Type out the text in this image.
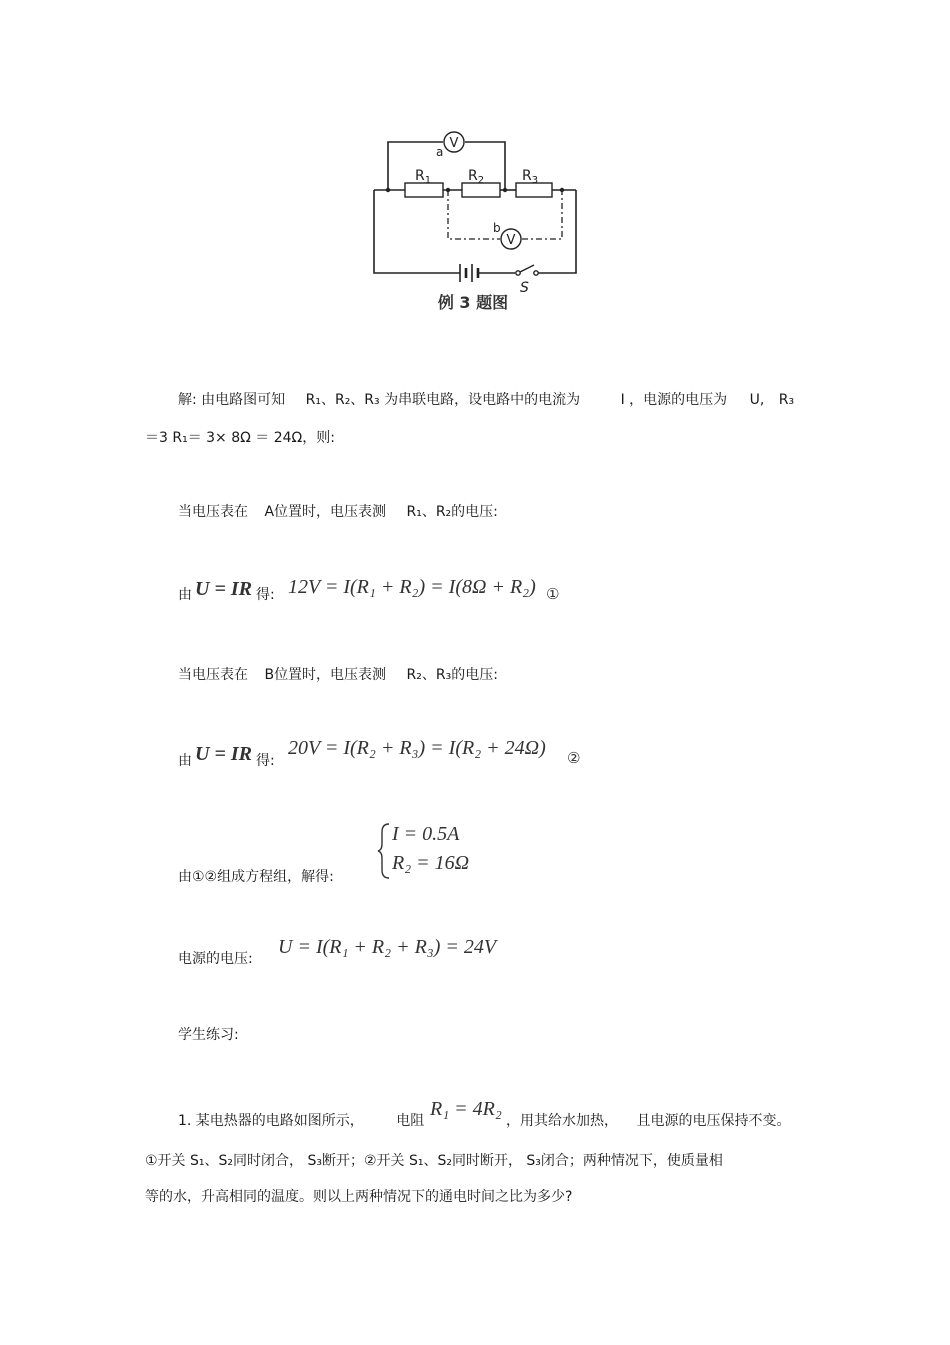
V
V
a
b
$R_1$	$R_2$	$R_3$
S
例 3 题图
解: 由电路图可知 R₁、R₂、R₃ 为串联电路，设电路中的电流为	I ，电源的电压为 U, R₃
＝3 R₁＝ 3× 8Ω ＝ 24Ω，则:
当电压表在 A位置时，电压表测 R₁、R₂的电压:
由 U = IR 得: 12V = I(R₁ + R₂) = I(8Ω + R₂) ①
当电压表在 B位置时，电压表测 R₂、R₃的电压:
由 U = IR 得:
20V = I(R₂ + R₃) = I(R₂ + 24Ω) ②
I = 0.5A
R₂ = 16Ω
由①②组成方程组，解得:
电源的电压:
U = I(R₁ + R₂ + R₃) = 24V
学生练习:
1. 某电热器的电路如图所示， 电阻
R₁ = 4R₂
，用其给水加热， 且电源的电压保持不变。
①开关 S₁、S₂同时闭合， S₃断开；②开关 S₁、S₂同时断开， S₃闭合；两种情况下，使质量相
等的水，升高相同的温度。则以上两种情况下的通电时间之比为多少?
